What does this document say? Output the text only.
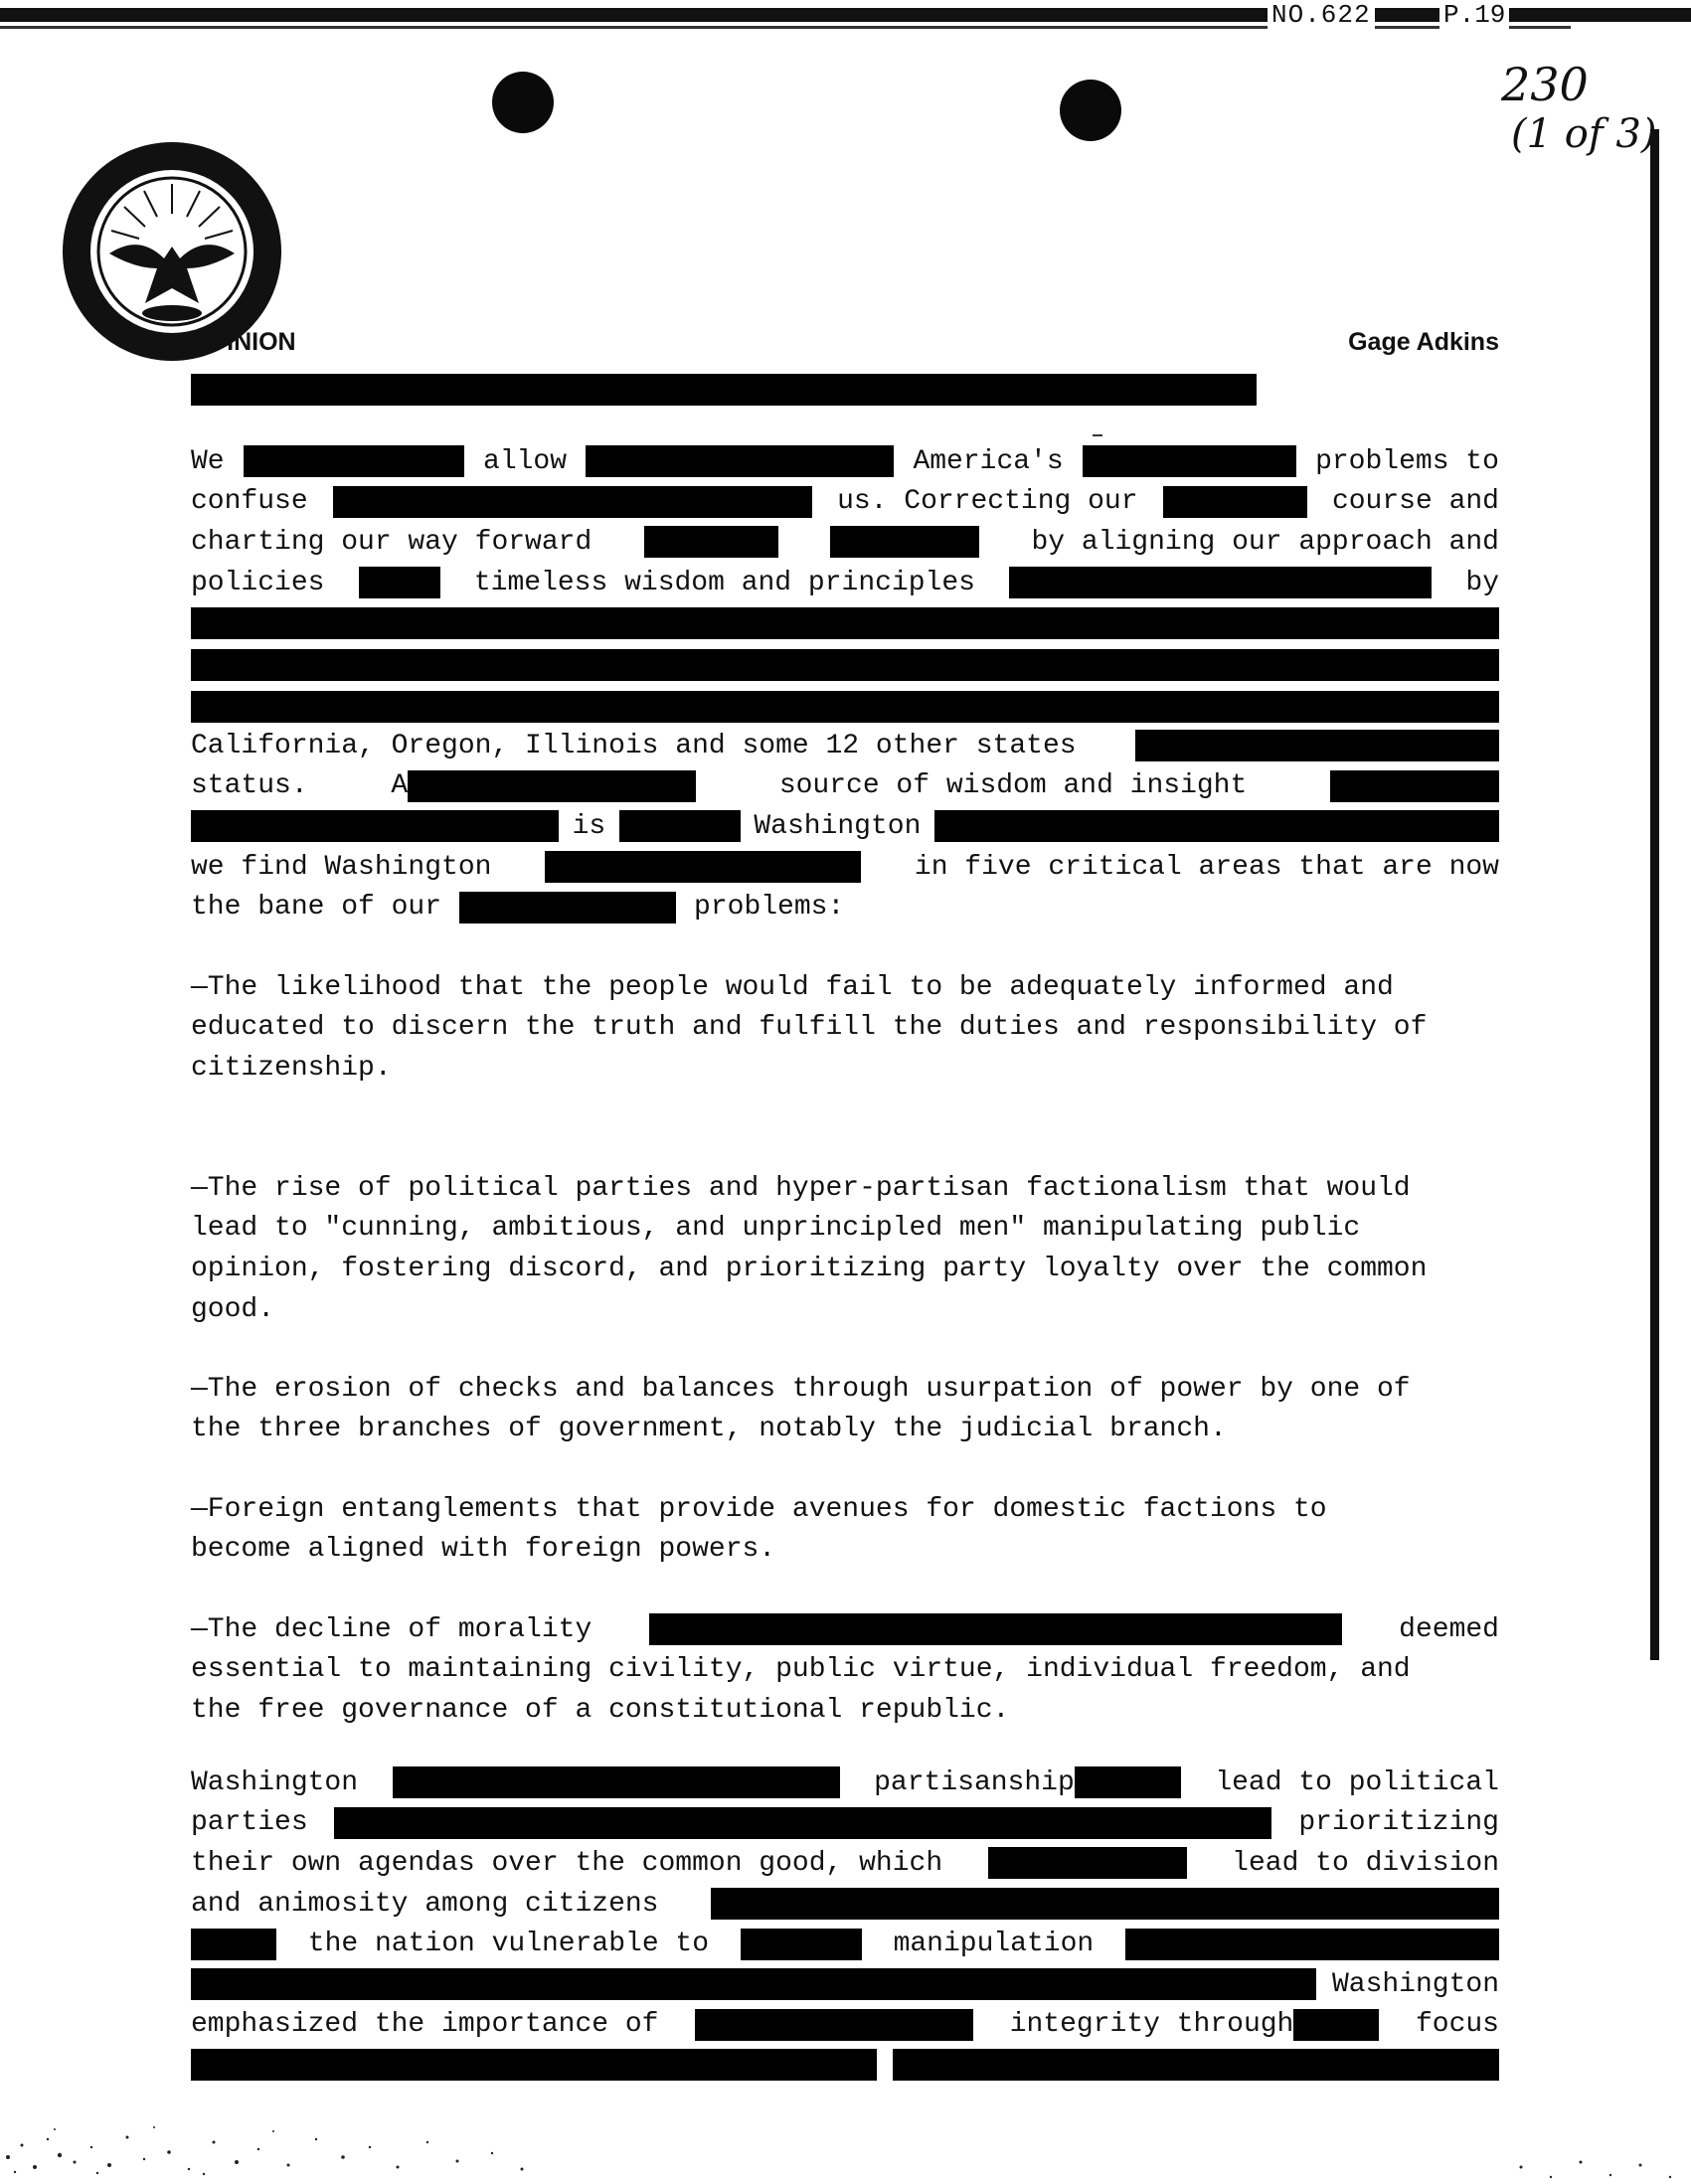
NO.622	P.19
230
(1 of 3)
OPINION	Gage Adkins
We	allow	America's	problems to
confuse	us. Correcting our	course and
charting our way forward	by aligning our approach and
policies	timeless wisdom and principles	by
California, Oregon, Illinois and some 12 other states
status.	A	source of wisdom and insight
is	Washington
we find Washington	in five critical areas that are now
the bane of our	problems:
—The likelihood that the people would fail to be adequately informed and
educated to discern the truth and fulfill the duties and responsibility of
citizenship.
—The rise of political parties and hyper-partisan factionalism that would
lead to "cunning, ambitious, and unprincipled men" manipulating public
opinion, fostering discord, and prioritizing party loyalty over the common
good.
—The erosion of checks and balances through usurpation of power by one of
the three branches of government, notably the judicial branch.
—Foreign entanglements that provide avenues for domestic factions to
become aligned with foreign powers.
—The decline of morality	deemed
essential to maintaining civility, public virtue, individual freedom, and
the free governance of a constitutional republic.
Washington	partisanship	lead to political
parties	prioritizing
their own agendas over the common good, which	lead to division
and animosity among citizens
the nation vulnerable to	manipulation
Washington
emphasized the importance of	integrity through	focus
